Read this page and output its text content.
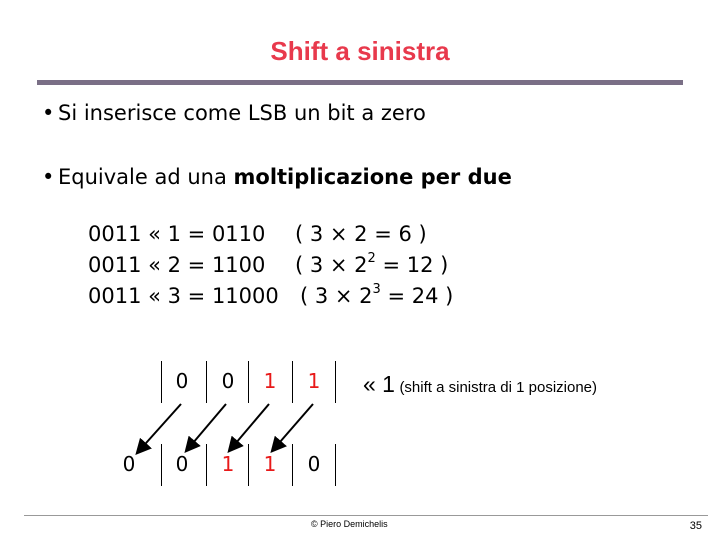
Shift a sinistra
• Si inserisce come LSB un bit a zero
• Equivale ad una moltiplicazione per due
0011 « 1 = 0110 ( 3 × 2 = 6 )
0011 « 2 = 1100 ( $3 \times 2^2 = 12$ )
0011 « 3 = 11000 ( $3 \times 2^3 = 24$ )
0	0	1	1
0	0	1	1	0
« 1 (shift a sinistra di 1 posizione)
© Piero Demichelis	35
